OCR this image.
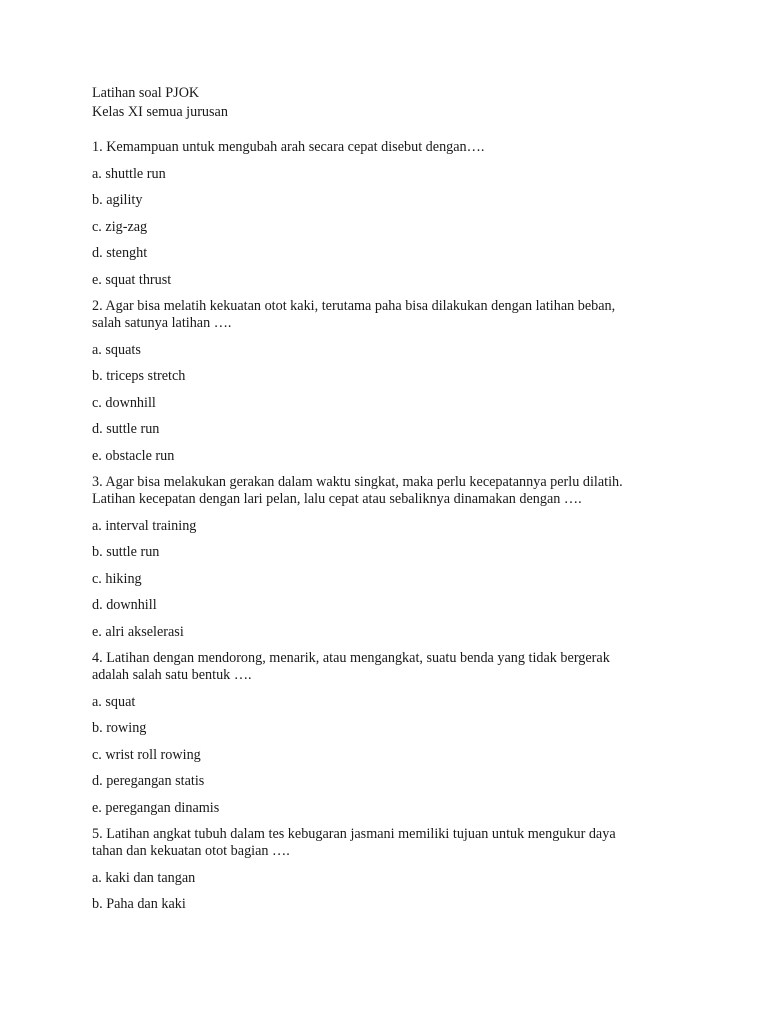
Latihan soal PJOK
Kelas XI semua jurusan
1. Kemampuan untuk mengubah arah secara cepat disebut dengan….
a. shuttle run
b. agility
c. zig-zag
d. stenght
e. squat thrust
2. Agar bisa melatih kekuatan otot kaki, terutama paha bisa dilakukan dengan latihan beban,
salah satunya latihan ….
a. squats
b. triceps stretch
c. downhill
d. suttle run
e. obstacle run
3. Agar bisa melakukan gerakan dalam waktu singkat, maka perlu kecepatannya perlu dilatih.
Latihan kecepatan dengan lari pelan, lalu cepat atau sebaliknya dinamakan dengan ….
a. interval training
b. suttle run
c. hiking
d. downhill
e. alri akselerasi
4. Latihan dengan mendorong, menarik, atau mengangkat, suatu benda yang tidak bergerak
adalah salah satu bentuk ….
a. squat
b. rowing
c. wrist roll rowing
d. peregangan statis
e. peregangan dinamis
5. Latihan angkat tubuh dalam tes kebugaran jasmani memiliki tujuan untuk mengukur daya
tahan dan kekuatan otot bagian ….
a. kaki dan tangan
b. Paha dan kaki
